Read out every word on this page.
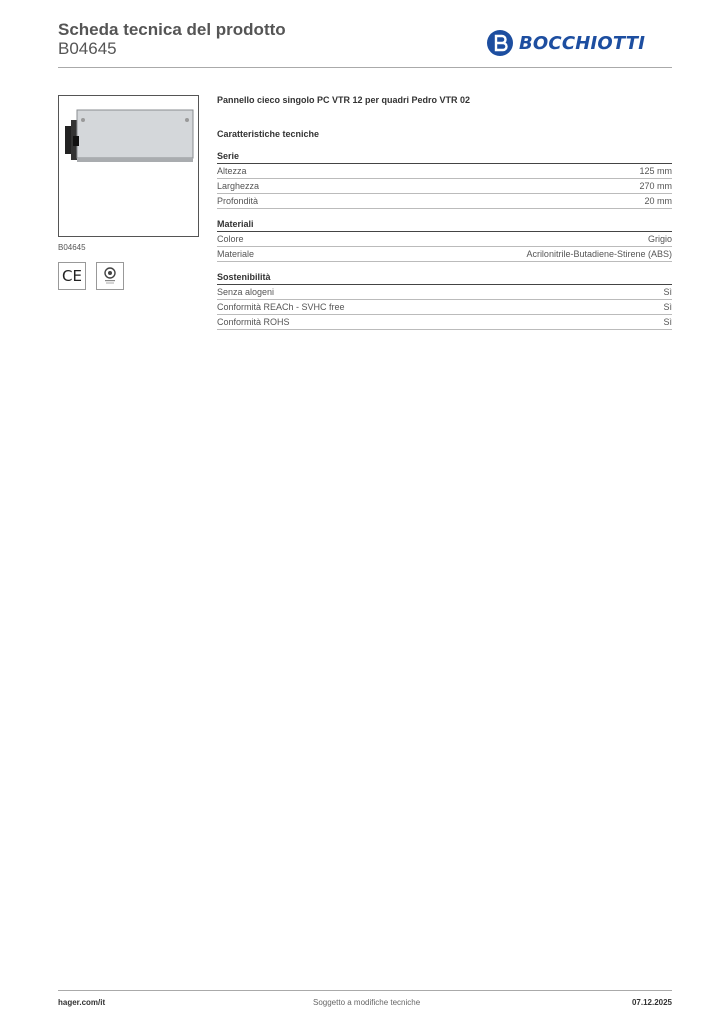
Scheda tecnica del prodotto
B04645	BOCCHIOTTI
B04645
CE
Pannello cieco singolo PC VTR 12 per quadri Pedro VTR 02
Caratteristiche tecniche
Serie
Altezza	125 mm
Larghezza	270 mm
Profondità	20 mm
Materiali
Colore	Grigio
Materiale	Acrilonitrile-Butadiene-Stirene (ABS)
Sostenibilità
Senza alogeni	Sì
Conformità REACh - SVHC free	Sì
Conformità ROHS	Sì
hager.com/it	Soggetto a modifiche tecniche	07.12.2025
